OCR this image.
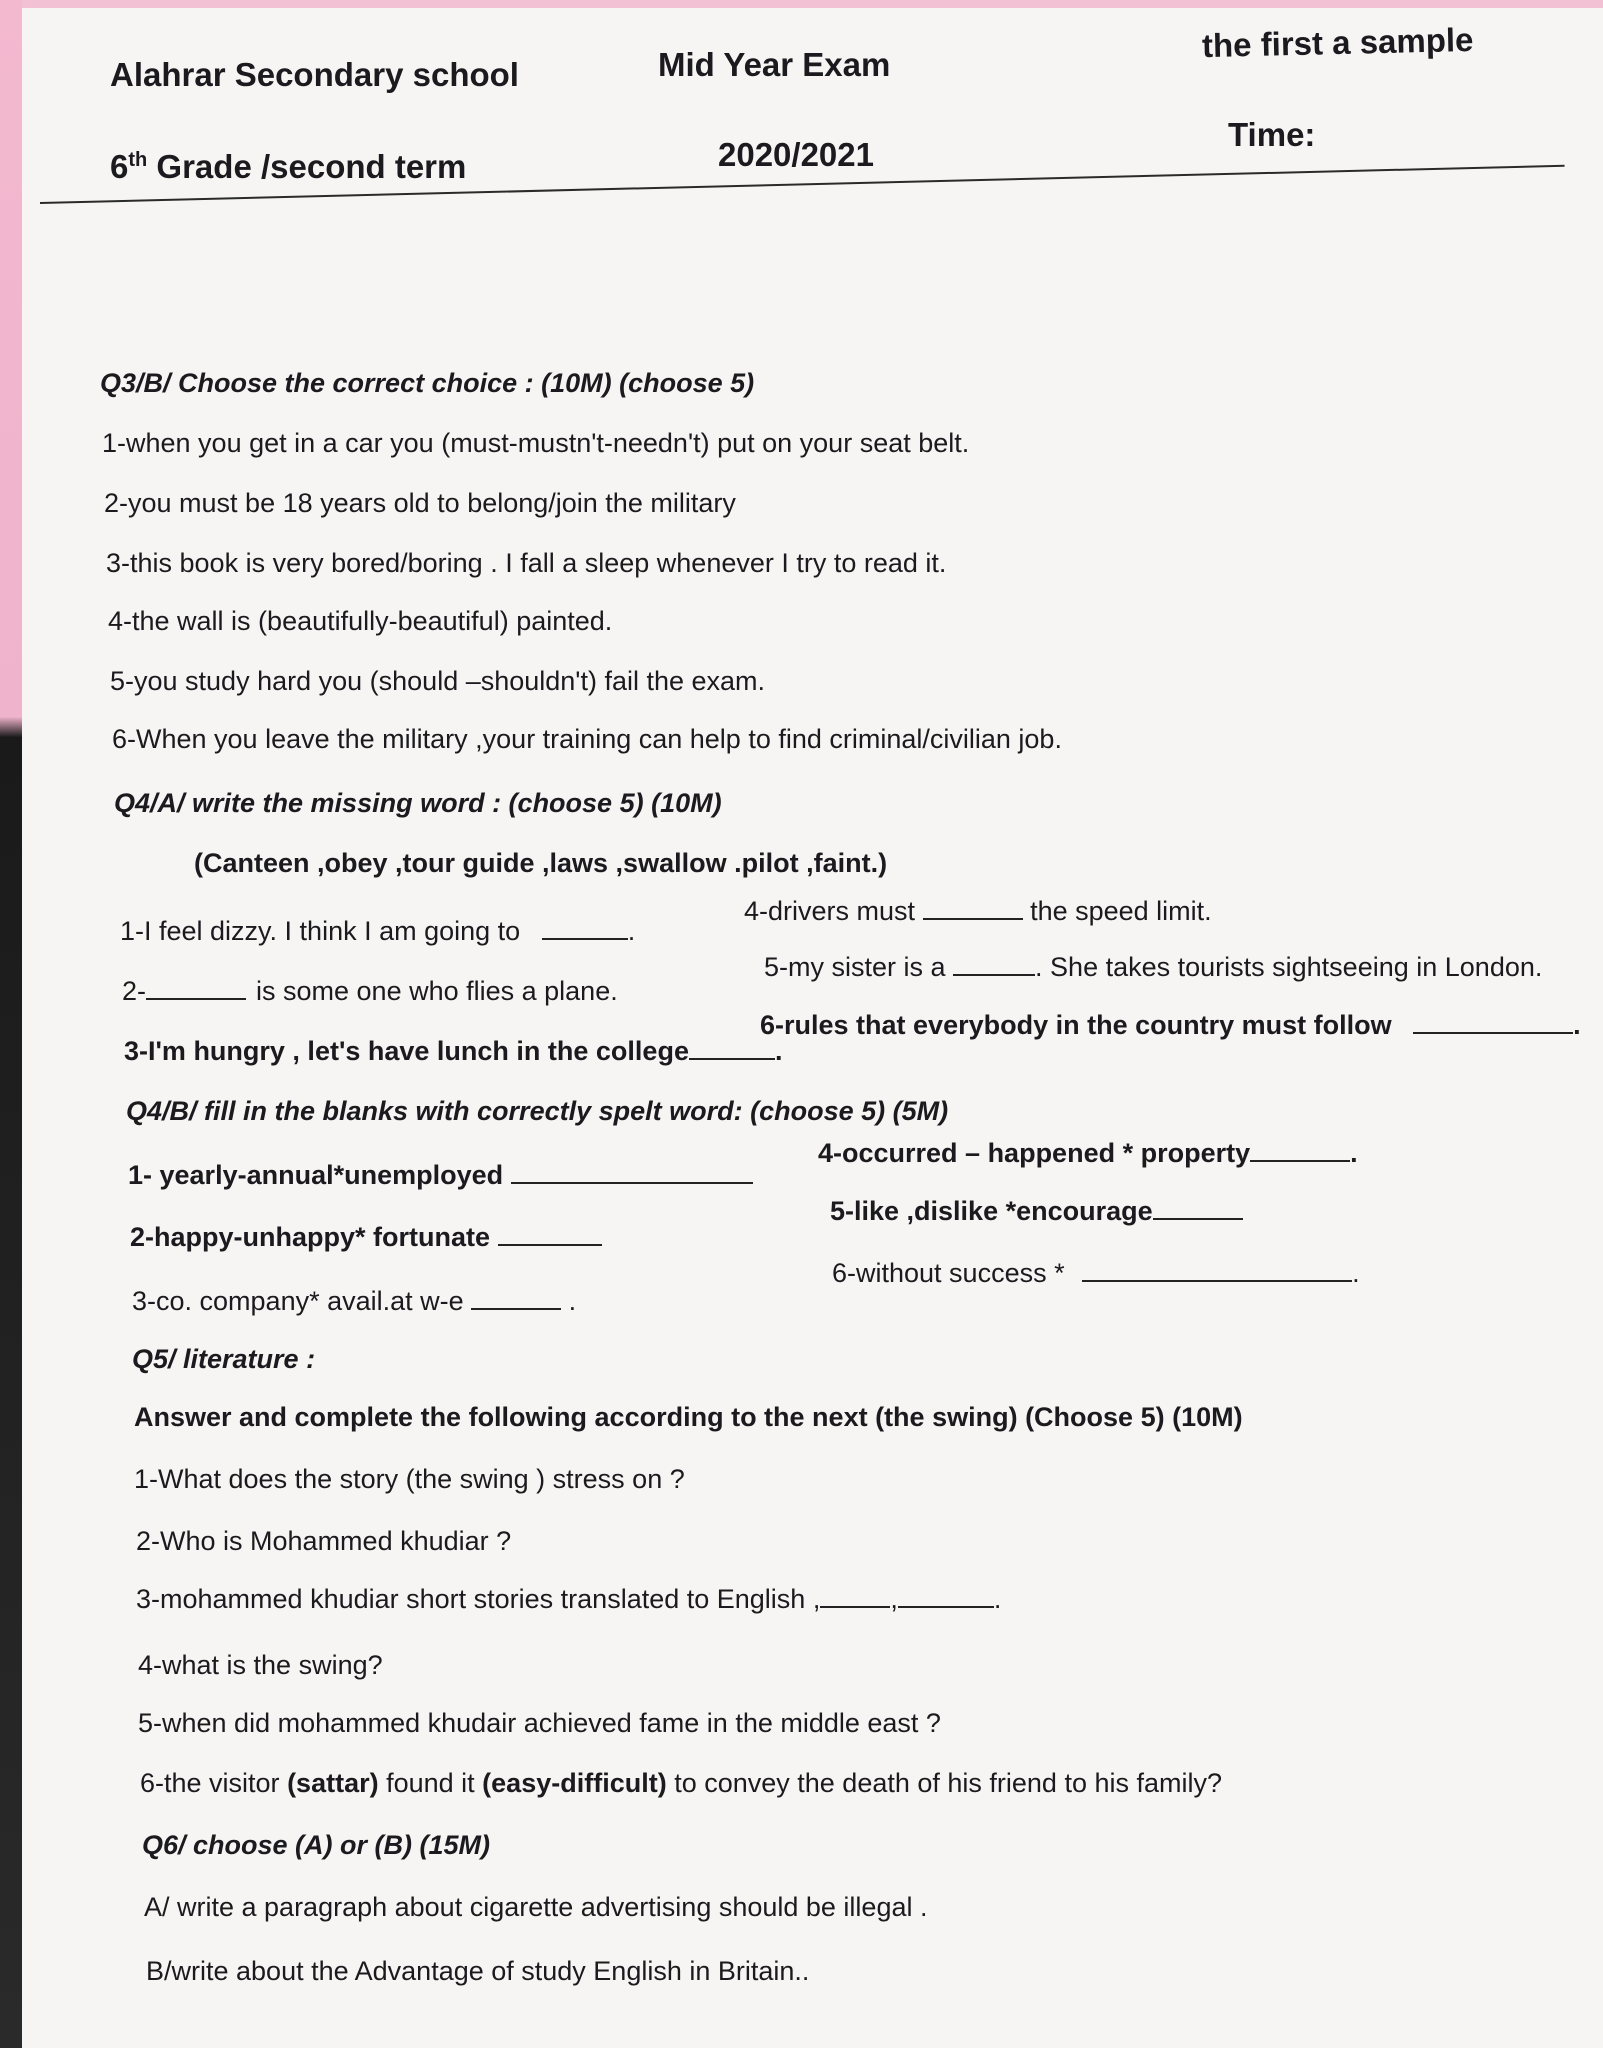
Alahrar Secondary school	Mid Year Exam
the first a sample
6th Grade /second term	2020/2021
Time:
Q3/B/ Choose the correct choice : (10M) (choose 5)
1-when you get in a car you (must-mustn't-needn't) put on your seat belt.
2-you must be 18 years old to belong/join the military
3-this book is very bored/boring . I fall a sleep whenever I try to read it.
4-the wall is (beautifully-beautiful) painted.
5-you study hard you (should –shouldn't) fail the exam.
6-When you leave the military ,your training can help to find criminal/civilian job.
Q4/A/ write the missing word : (choose 5) (10M)
(Canteen ,obey ,tour guide ,laws ,swallow .pilot ,faint.)
1-I feel dizzy. I think I am going to	.
2-	is some one who flies a plane.
3-I'm hungry , let's have lunch in the college	.
4-drivers must	the speed limit.
5-my sister is a	. She takes tourists sightseeing in London.
6-rules that everybody in the country must follow	.
Q4/B/ fill in the blanks with correctly spelt word: (choose 5) (5M)
1- yearly-annual*unemployed
2-happy-unhappy* fortunate
3-co. company* avail.at w-e	.
4-occurred – happened * property	.
5-like ,dislike *encourage
6-without success *	.
Q5/ literature :
Answer and complete the following according to the next (the swing) (Choose 5) (10M)
1-What does the story (the swing ) stress on ?
2-Who is Mohammed khudiar ?
3-mohammed khudiar short stories translated to English ,	,	.
4-what is the swing?
5-when did mohammed khudair achieved fame in the middle east ?
6-the visitor (sattar) found it (easy-difficult) to convey the death of his friend to his family?
Q6/ choose (A) or (B) (15M)
A/ write a paragraph about cigarette advertising should be illegal .
B/write about the Advantage of study English in Britain..
